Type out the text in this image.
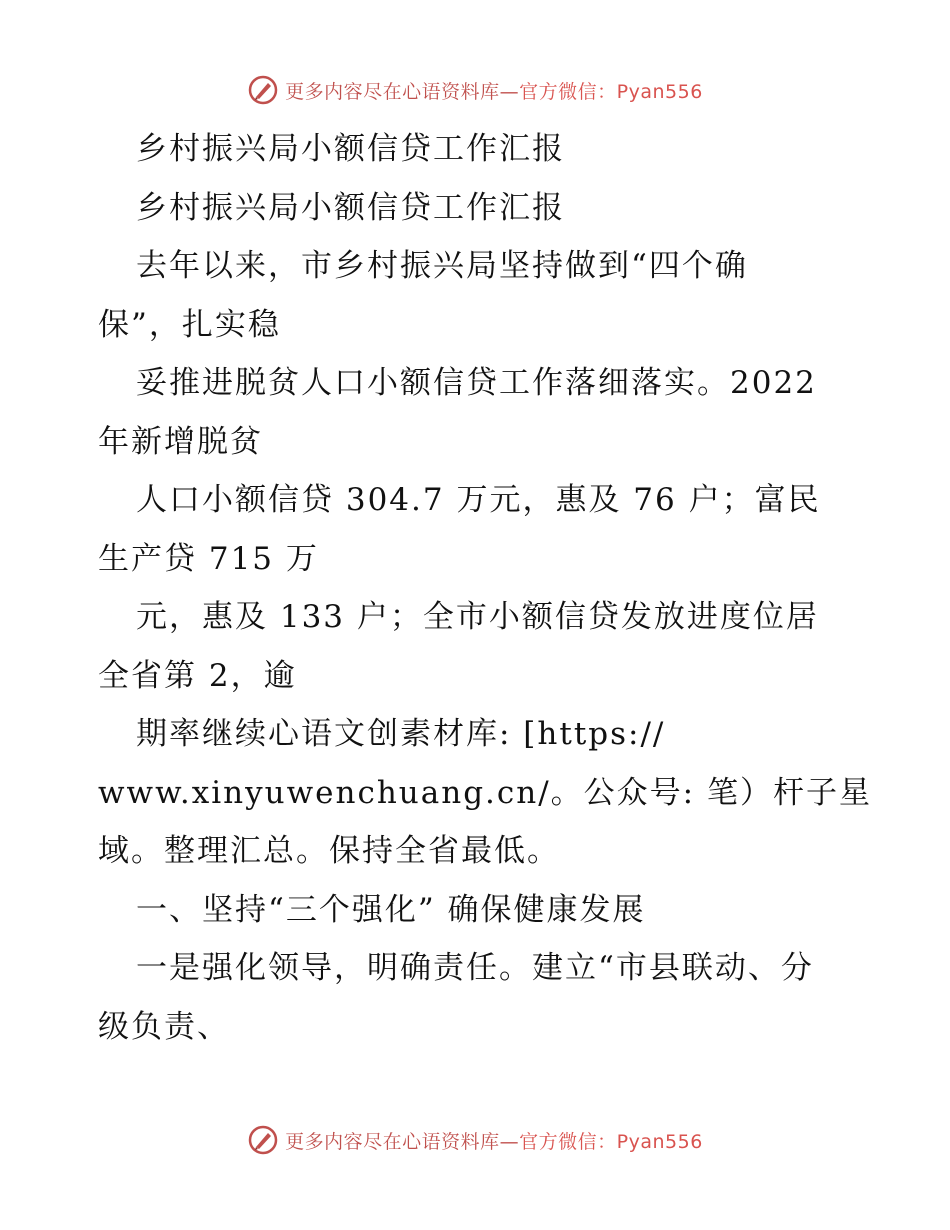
更多内容尽在心语资料库—官方微信：Pyan556
乡村振兴局小额信贷工作汇报
乡村振兴局小额信贷工作汇报
去年以来，市乡村振兴局坚持做到“四个确
保”，扎实稳
妥推进脱贫人口小额信贷工作落细落实。2022
年新增脱贫
人口小额信贷 304.7 万元，惠及 76 户；富民
生产贷 715 万
元，惠及 133 户；全市小额信贷发放进度位居
全省第 2，逾
期率继续心语文创素材库: [https://
www.xinyuwenchuang.cn/。公众号: 笔）杆子星
域。整理汇总。保持全省最低。
一、坚持“三个强化” 确保健康发展
一是强化领导，明确责任。建立“市县联动、分
级负责、
更多内容尽在心语资料库—官方微信：Pyan556
